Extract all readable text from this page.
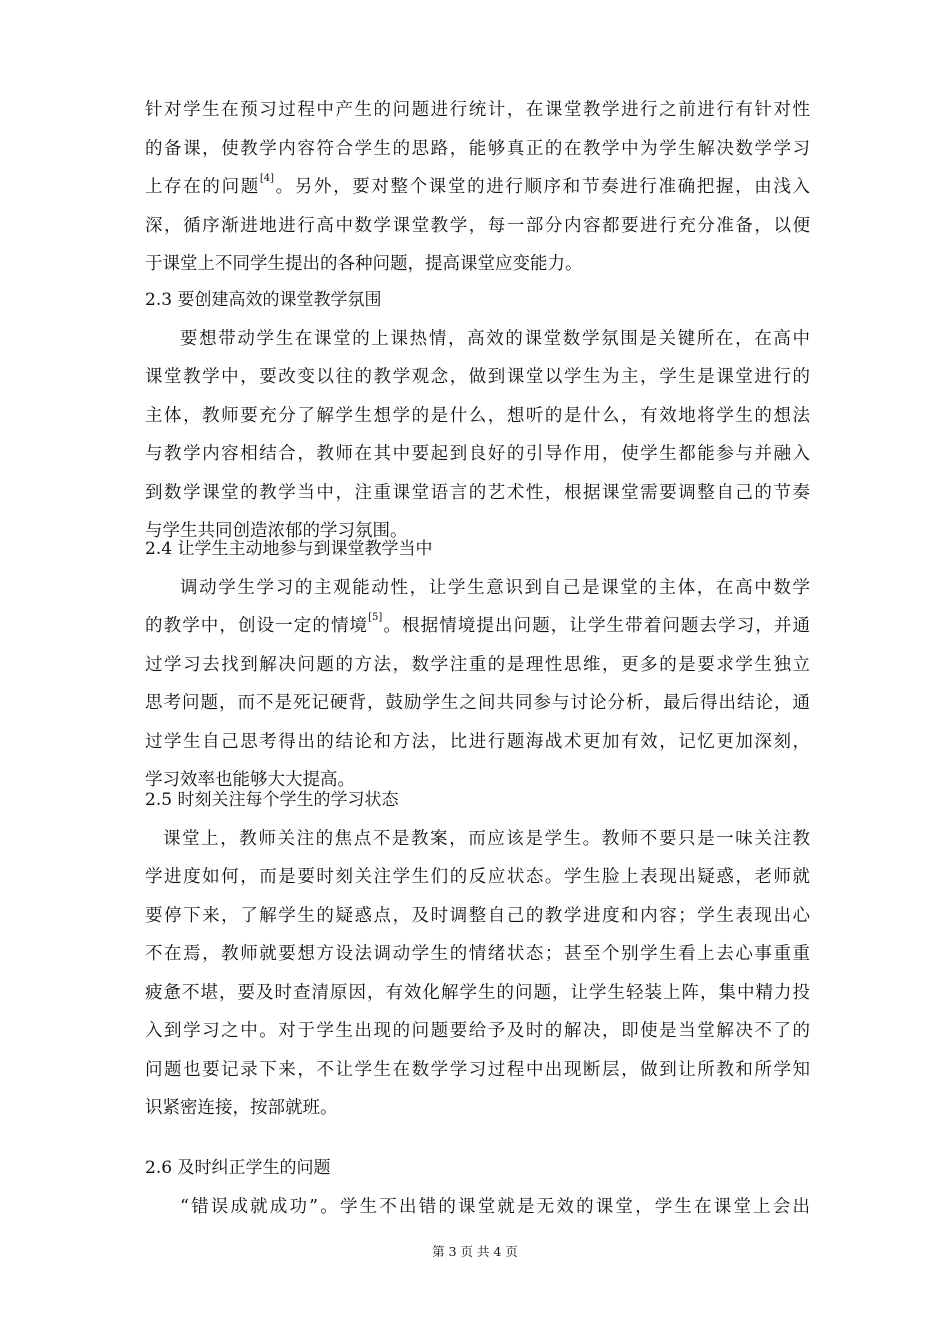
针对学生在预习过程中产生的问题进行统计，在课堂教学进行之前进行有针对性
的备课，使教学内容符合学生的思路，能够真正的在教学中为学生解决数学学习
上存在的问题[4]。另外，要对整个课堂的进行顺序和节奏进行准确把握，由浅入
深，循序渐进地进行高中数学课堂教学，每一部分内容都要进行充分准备，以便
于课堂上不同学生提出的各种问题，提高课堂应变能力。
2.3 要创建高效的课堂教学氛围
要想带动学生在课堂的上课热情，高效的课堂数学氛围是关键所在，在高中
课堂教学中，要改变以往的教学观念，做到课堂以学生为主，学生是课堂进行的
主体，教师要充分了解学生想学的是什么，想听的是什么，有效地将学生的想法
与教学内容相结合，教师在其中要起到良好的引导作用，使学生都能参与并融入
到数学课堂的教学当中，注重课堂语言的艺术性，根据课堂需要调整自己的节奏
与学生共同创造浓郁的学习氛围。
2.4 让学生主动地参与到课堂教学当中
调动学生学习的主观能动性，让学生意识到自己是课堂的主体，在高中数学
的教学中，创设一定的情境[5]。根据情境提出问题，让学生带着问题去学习，并通
过学习去找到解决问题的方法，数学注重的是理性思维，更多的是要求学生独立
思考问题，而不是死记硬背，鼓励学生之间共同参与讨论分析，最后得出结论，通
过学生自己思考得出的结论和方法，比进行题海战术更加有效，记忆更加深刻，
学习效率也能够大大提高。
2.5 时刻关注每个学生的学习状态
课堂上，教师关注的焦点不是教案，而应该是学生。教师不要只是一味关注教
学进度如何，而是要时刻关注学生们的反应状态。学生脸上表现出疑惑，老师就
要停下来，了解学生的疑惑点，及时调整自己的教学进度和内容；学生表现出心
不在焉，教师就要想方设法调动学生的情绪状态；甚至个别学生看上去心事重重
疲惫不堪，要及时查清原因，有效化解学生的问题，让学生轻装上阵，集中精力投
入到学习之中。对于学生出现的问题要给予及时的解决，即使是当堂解决不了的
问题也要记录下来，不让学生在数学学习过程中出现断层，做到让所教和所学知
识紧密连接，按部就班。
2.6 及时纠正学生的问题
“错误成就成功”。学生不出错的课堂就是无效的课堂，学生在课堂上会出
第 3 页 共 4 页
